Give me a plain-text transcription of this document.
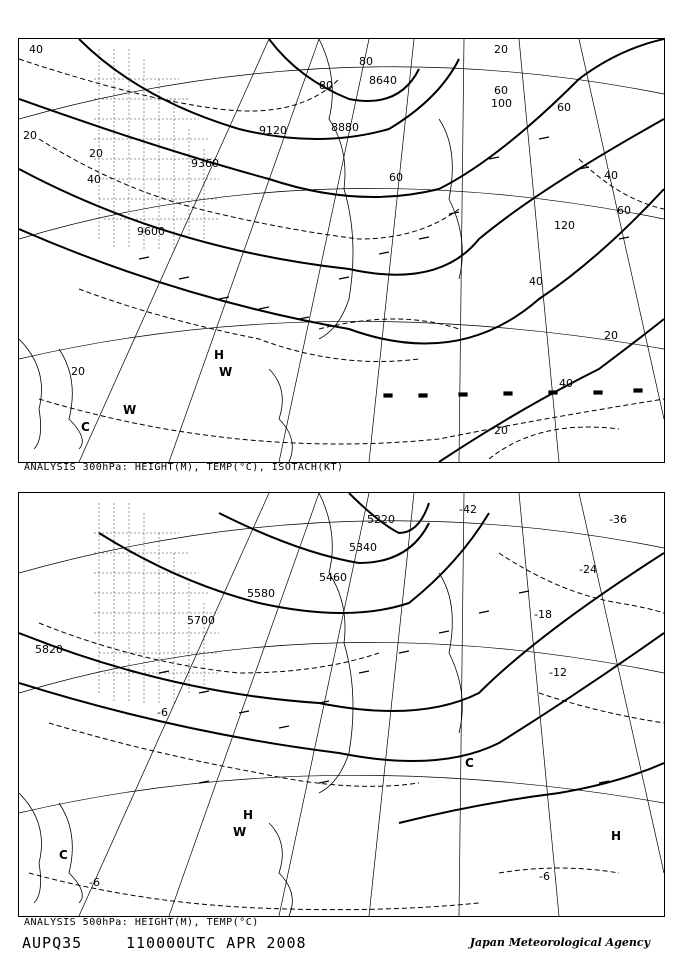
40
20
20
40
20
80
80
60
100	60
60	40
60
120
40
20
40
20
20
9120
9360
9600
8640
8880
H
W
W
C
ANALYSIS 300hPa: HEIGHT(M), TEMP(°C), ISOTACH(KT)
-42
-36
-24
-18
-12
-6
-6	-6
5220
5340
5460
5580
5700
5820
H
W	H
C
C
ANALYSIS 500hPa: HEIGHT(M), TEMP(°C)
AUPQ35	110000UTC APR 2008	Japan Meteorological Agency
